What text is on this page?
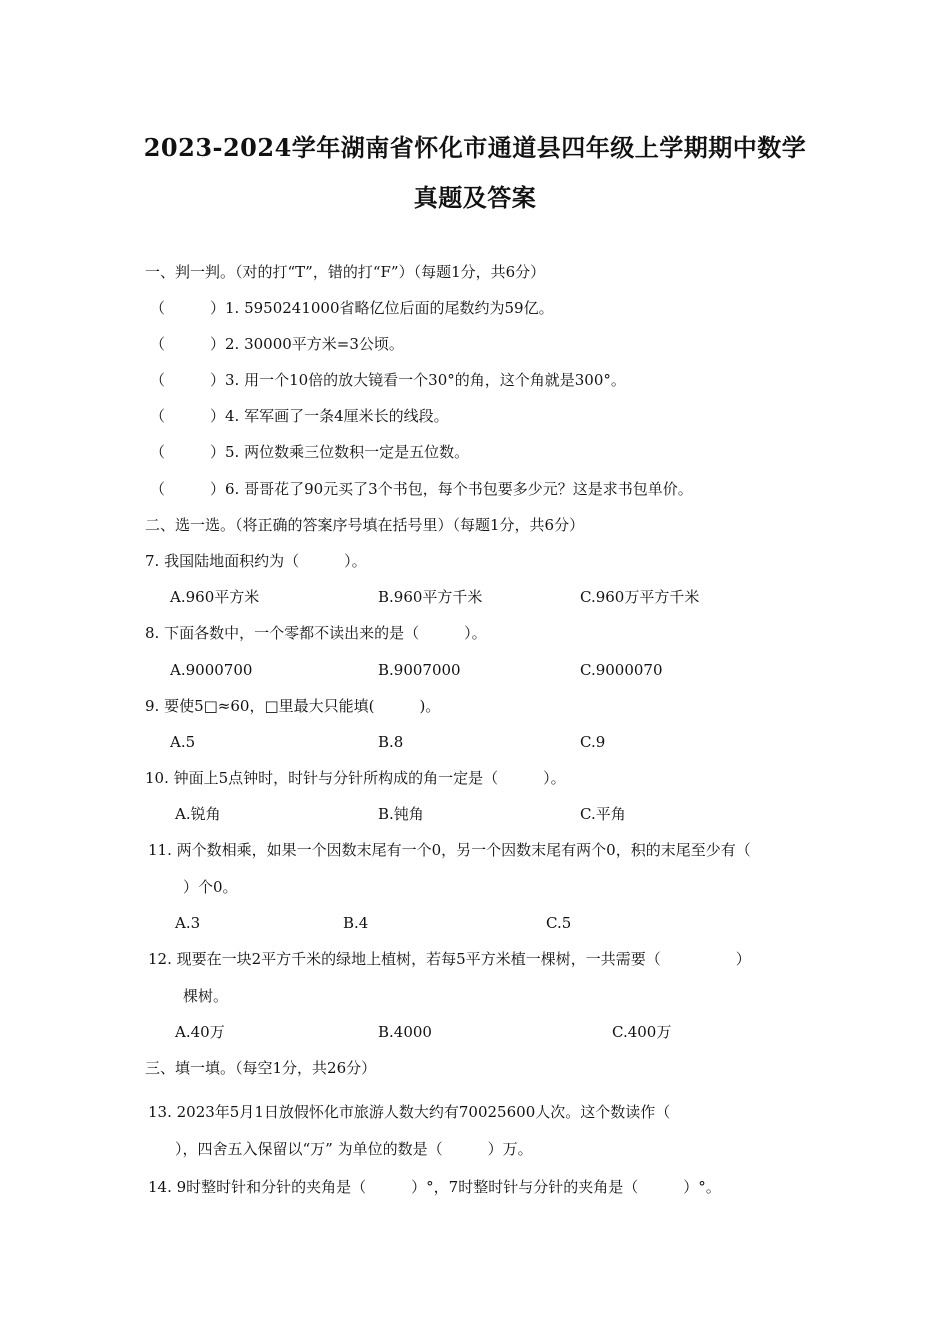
2023-2024学年湖南省怀化市通道县四年级上学期期中数学
真题及答案
一、判一判。（对的打“T”，错的打“F”）（每题1分，共6分）
（　　　）1. 5950241000省略亿位后面的尾数约为59亿。
（　　　）2. 30000平方米=3公顷。
（　　　）3. 用一个10倍的放大镜看一个30°的角，这个角就是300°。
（　　　）4. 军军画了一条4厘米长的线段。
（　　　）5. 两位数乘三位数积一定是五位数。
（　　　）6. 哥哥花了90元买了3个书包，每个书包要多少元？这是求书包单价。
二、选一选。（将正确的答案序号填在括号里）（每题1分，共6分）
7. 我国陆地面积约为（　　　）。
A.960平方米	B.960平方千米	C.960万平方千米
8. 下面各数中，一个零都不读出来的是（　　　）。
A.9000700	B.9007000	C.9000070
9. 要使5□≈60，□里最大只能填(　　　)。
A.5	B.8	C.9
10. 钟面上5点钟时，时针与分针所构成的角一定是（　　　）。
A.锐角	B.钝角	C.平角
11. 两个数相乘，如果一个因数末尾有一个0，另一个因数末尾有两个0，积的末尾至少有（
）个0。
A.3	B.4	C.5
12. 现要在一块2平方千米的绿地上植树，若每5平方米植一棵树，一共需要（　　　　　）
棵树。
A.40万	B.4000	C.400万
三、填一填。（每空1分，共26分）
13. 2023年5月1日放假怀化市旅游人数大约有70025600人次。这个数读作（
），四舍五入保留以“万” 为单位的数是（　　　）万。
14. 9时整时针和分针的夹角是（　　　）°，7时整时针与分针的夹角是（　　　）°。
